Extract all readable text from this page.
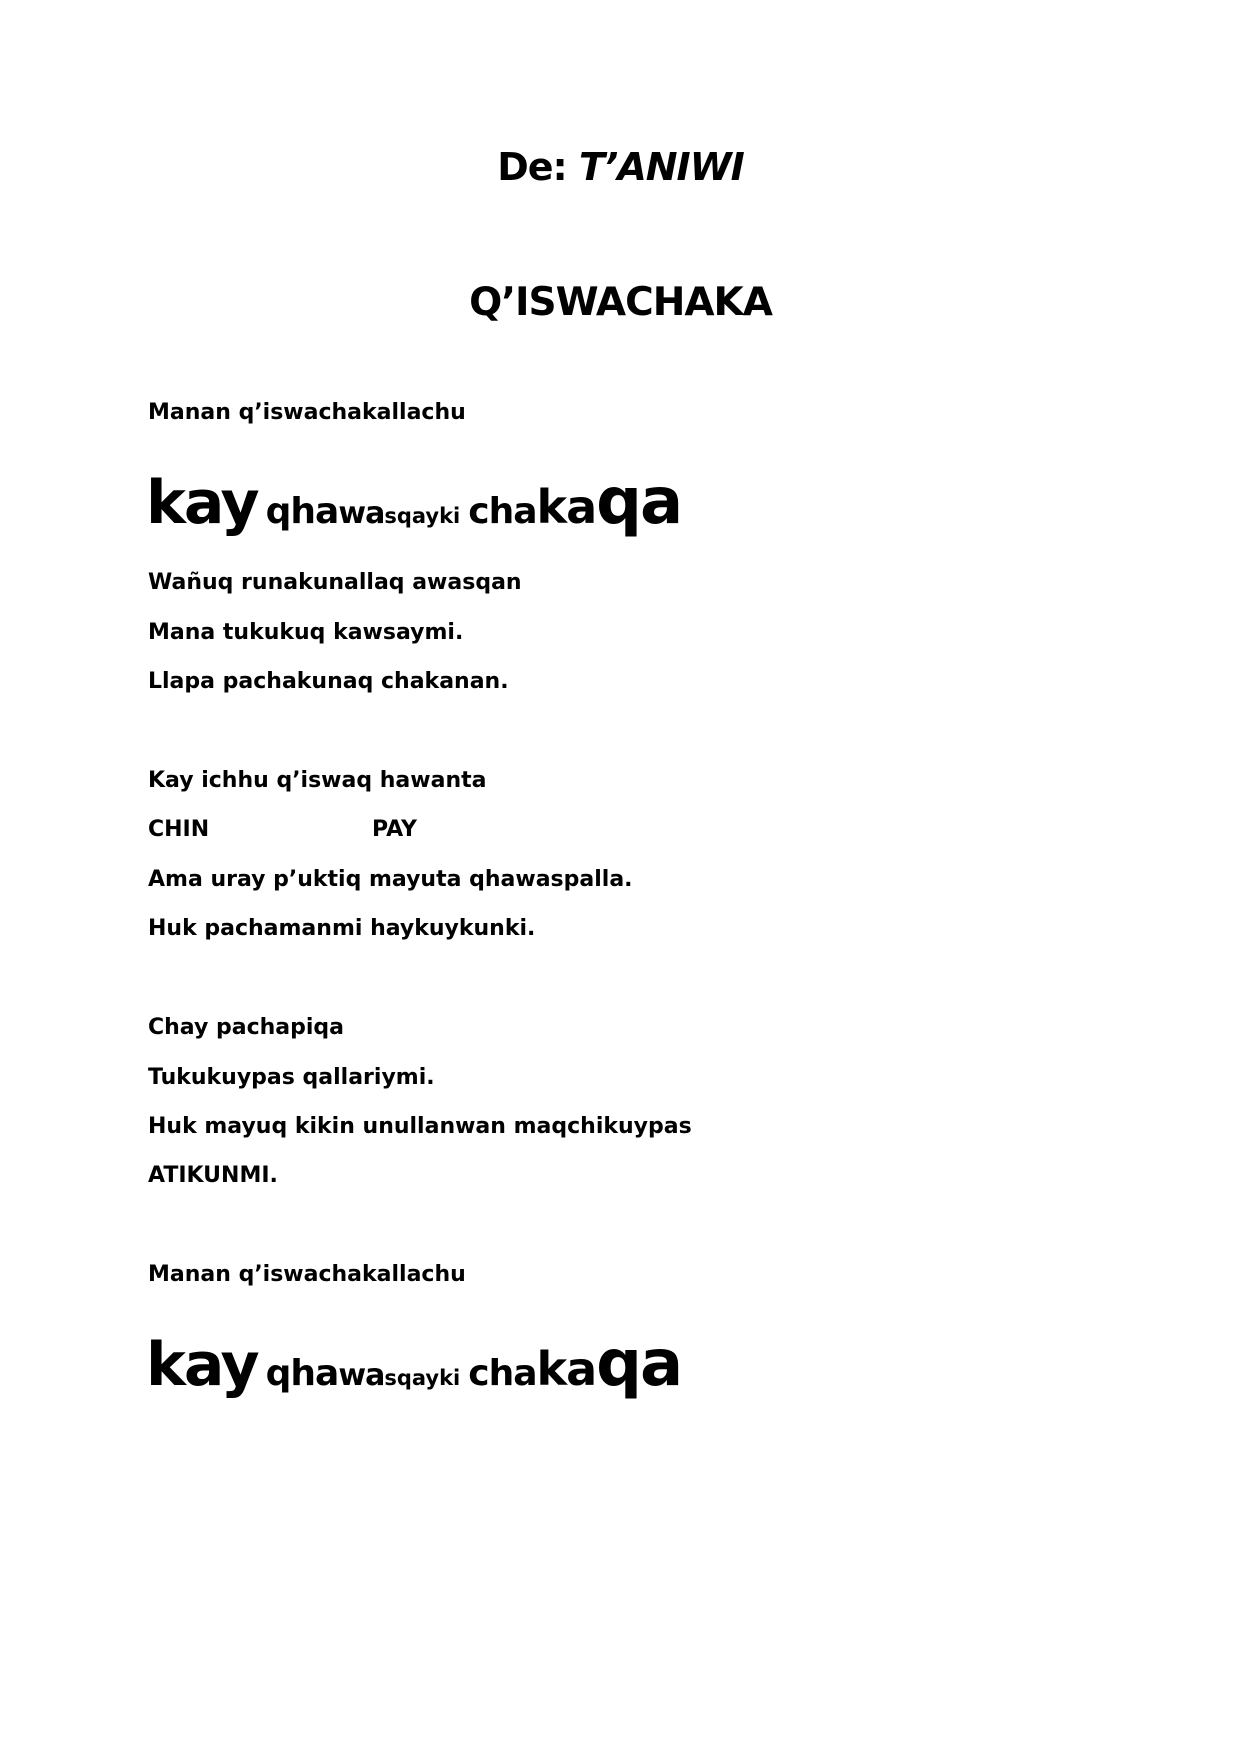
De: T’ANIWI
Q’ISWACHAKA
Manan q’iswachakallachu
kay qhawasqayki chakaqa
Wañuq runakunallaq awasqan
Mana tukukuq kawsaymi.
Llapa pachakunaq chakanan.
Kay ichhu q’iswaq hawanta
CHIN	PAY
Ama uray p’uktiq mayuta qhawaspalla.
Huk pachamanmi haykuykunki.
Chay pachapiqa
Tukukuypas qallariymi.
Huk mayuq kikin unullanwan maqchikuypas
ATIKUNMI.
Manan q’iswachakallachu
kay qhawasqayki chakaqa
